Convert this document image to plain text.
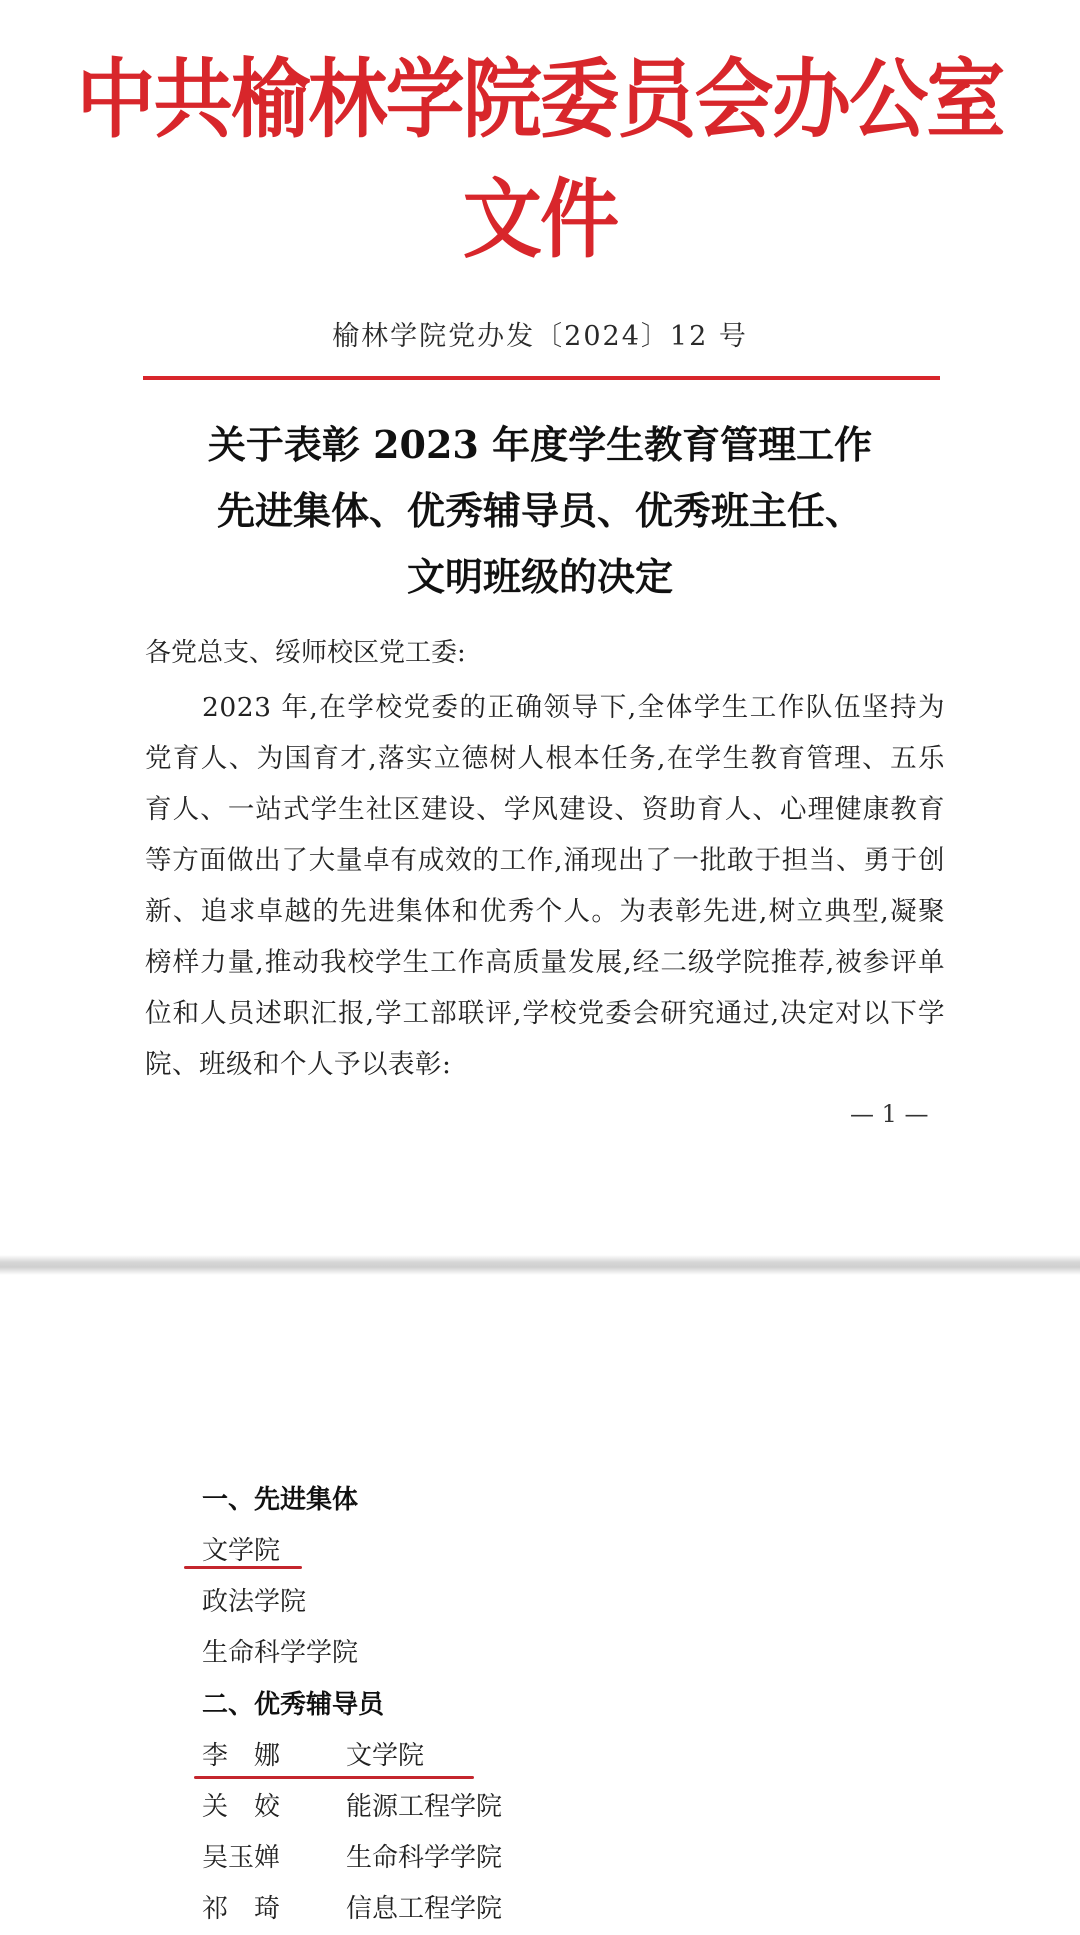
中共榆林学院委员会办公室文件
榆林学院党办发〔2024〕12 号
关于表彰 2023 年度学生教育管理工作
先进集体、优秀辅导员、优秀班主任、
文明班级的决定
各党总支、绥师校区党工委:
2023 年,在学校党委的正确领导下,全体学生工作队伍坚持为党育人、为国育才,落实立德树人根本任务,在学生教育管理、五乐育人、一站式学生社区建设、学风建设、资助育人、心理健康教育等方面做出了大量卓有成效的工作,涌现出了一批敢于担当、勇于创新、追求卓越的先进集体和优秀个人。为表彰先进,树立典型,凝聚榜样力量,推动我校学生工作高质量发展,经二级学院推荐,被参评单位和人员述职汇报,学工部联评,学校党委会研究通过,决定对以下学院、班级和个人予以表彰:
— 1 —
一、先进集体
文学院
政法学院
生命科学学院
二、优秀辅导员
李　娜	文学院
关　姣	能源工程学院
吴玉婵	生命科学学院
祁　琦	信息工程学院
